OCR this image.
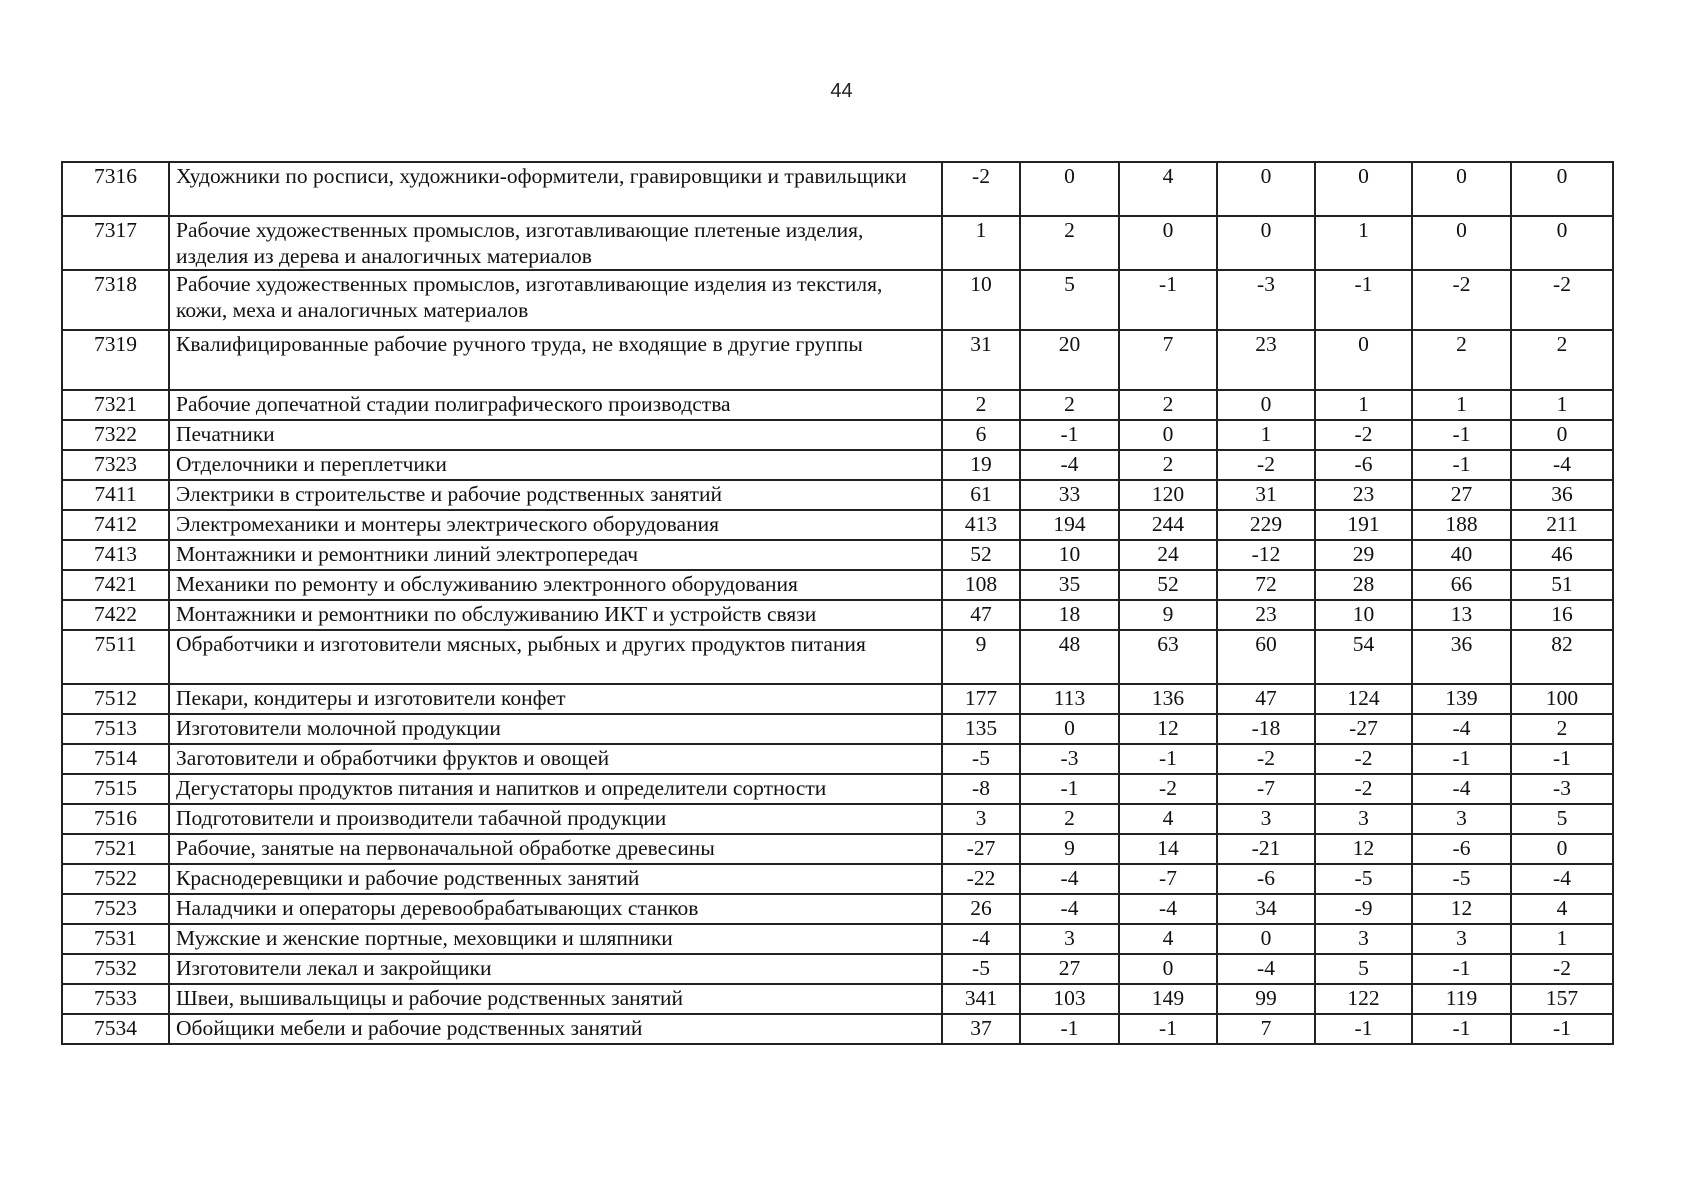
44
7316	Художники по росписи, художники-оформители, гравировщики и травильщики	-2	0	4	0	0	0	0
7317	Рабочие художественных промыслов, изготавливающие плетеные изделия, изделия из дерева и аналогичных материалов	1	2	0	0	1	0	0
7318	Рабочие художественных промыслов, изготавливающие изделия из текстиля, кожи, меха и аналогичных материалов	10	5	-1	-3	-1	-2	-2
7319	Квалифицированные рабочие ручного труда, не входящие в другие группы	31	20	7	23	0	2	2
7321	Рабочие допечатной стадии полиграфического производства	2	2	2	0	1	1	1
7322	Печатники	6	-1	0	1	-2	-1	0
7323	Отделочники и переплетчики	19	-4	2	-2	-6	-1	-4
7411	Электрики в строительстве и рабочие родственных занятий	61	33	120	31	23	27	36
7412	Электромеханики и монтеры электрического оборудования	413	194	244	229	191	188	211
7413	Монтажники и ремонтники линий электропередач	52	10	24	-12	29	40	46
7421	Механики по ремонту и обслуживанию электронного оборудования	108	35	52	72	28	66	51
7422	Монтажники и ремонтники по обслуживанию ИКТ и устройств связи	47	18	9	23	10	13	16
7511	Обработчики и изготовители мясных, рыбных и других продуктов питания	9	48	63	60	54	36	82
7512	Пекари, кондитеры и изготовители конфет	177	113	136	47	124	139	100
7513	Изготовители молочной продукции	135	0	12	-18	-27	-4	2
7514	Заготовители и обработчики фруктов и овощей	-5	-3	-1	-2	-2	-1	-1
7515	Дегустаторы продуктов питания и напитков и определители сортности	-8	-1	-2	-7	-2	-4	-3
7516	Подготовители и производители табачной продукции	3	2	4	3	3	3	5
7521	Рабочие, занятые на первоначальной обработке древесины	-27	9	14	-21	12	-6	0
7522	Краснодеревщики и рабочие родственных занятий	-22	-4	-7	-6	-5	-5	-4
7523	Наладчики и операторы деревообрабатывающих станков	26	-4	-4	34	-9	12	4
7531	Мужские и женские портные, меховщики и шляпники	-4	3	4	0	3	3	1
7532	Изготовители лекал и закройщики	-5	27	0	-4	5	-1	-2
7533	Швеи, вышивальщицы и рабочие родственных занятий	341	103	149	99	122	119	157
7534	Обойщики мебели и рабочие родственных занятий	37	-1	-1	7	-1	-1	-1
